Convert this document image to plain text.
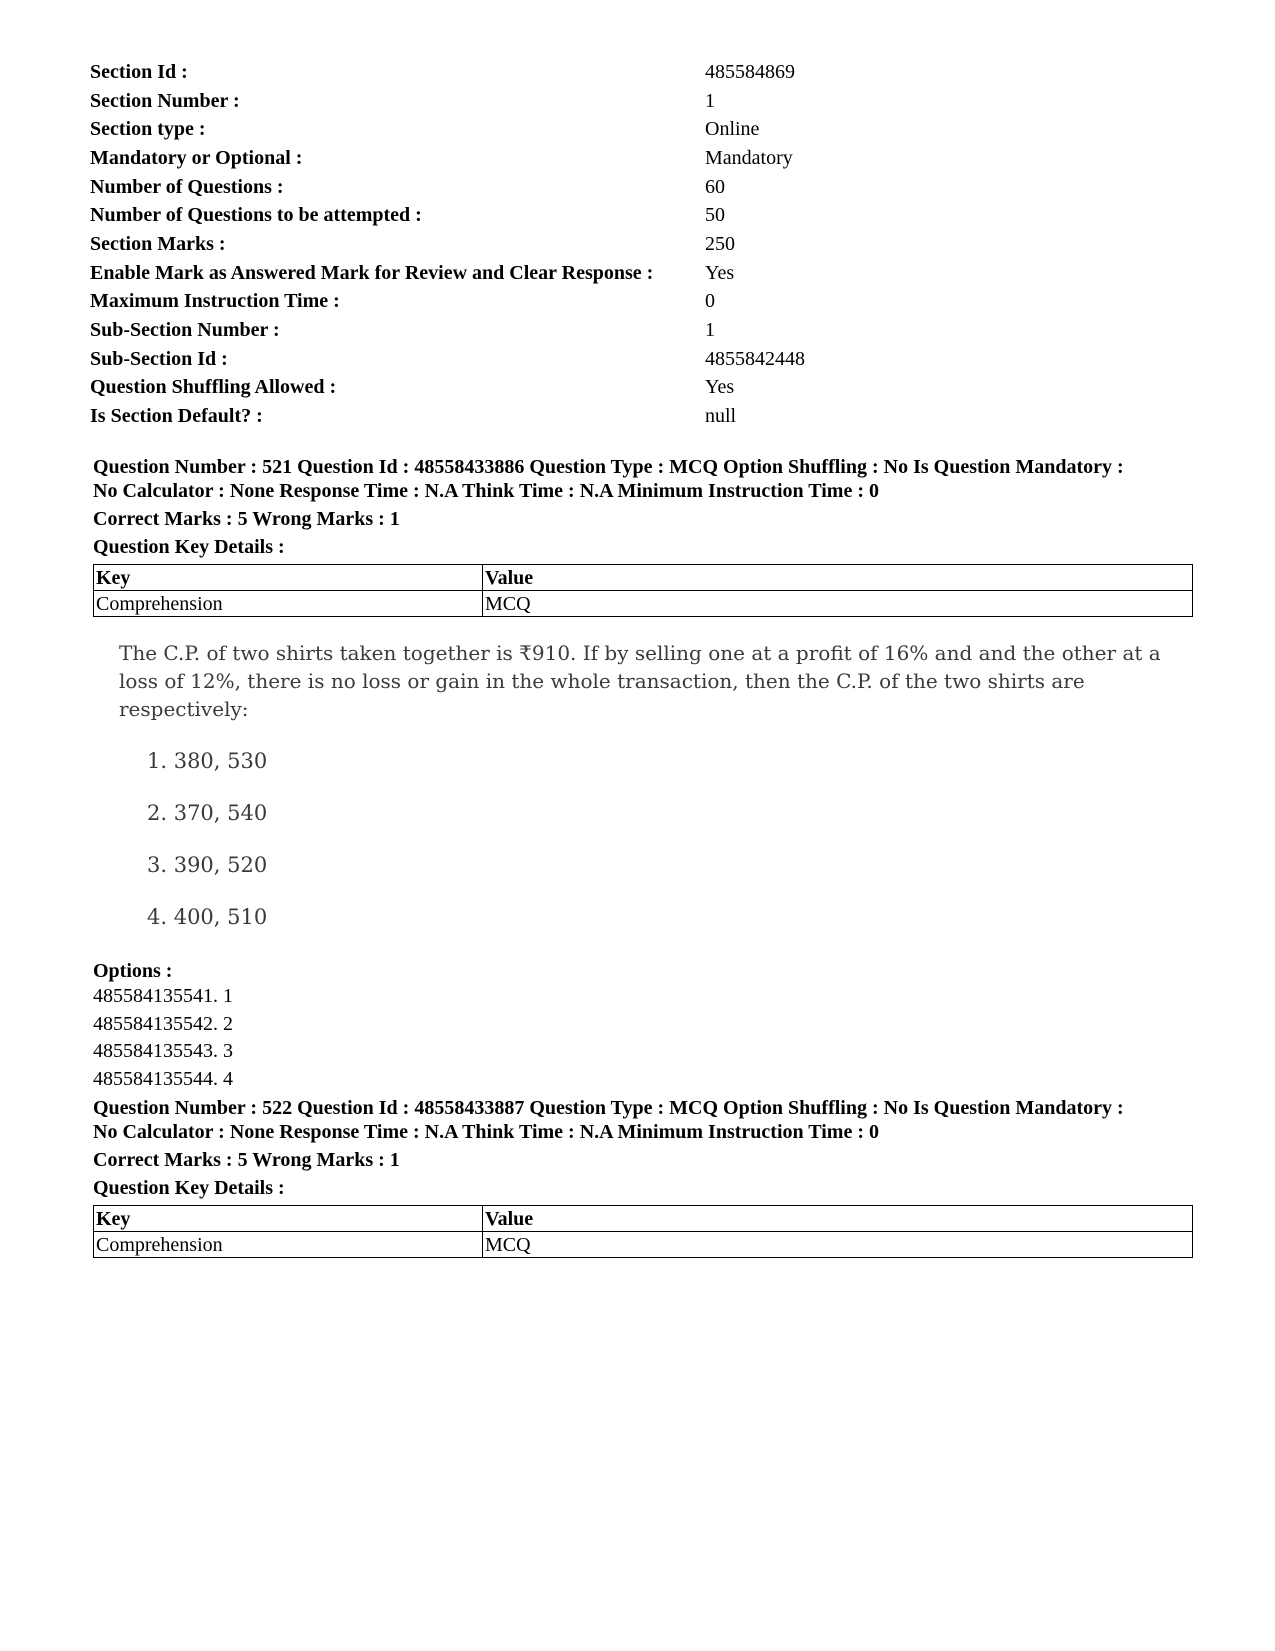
Section Id :	485584869
Section Number :	1
Section type :	Online
Mandatory or Optional :	Mandatory
Number of Questions :	60
Number of Questions to be attempted :	50
Section Marks :	250
Enable Mark as Answered Mark for Review and Clear Response :	Yes
Maximum Instruction Time :	0
Sub-Section Number :	1
Sub-Section Id :	4855842448
Question Shuffling Allowed :	Yes
Is Section Default? :	null
Question Number : 521 Question Id : 48558433886 Question Type : MCQ Option Shuffling : No Is Question Mandatory :
No Calculator : None Response Time : N.A Think Time : N.A Minimum Instruction Time : 0
Correct Marks : 5 Wrong Marks : 1
Question Key Details :
Key	Value
Comprehension	MCQ
The C.P. of two shirts taken together is ₹910. If by selling one at a profit of 16% and and the other at a loss of 12%, there is no loss or gain in the whole transaction, then the C.P. of the two shirts are respectively:
1. 380, 530
2. 370, 540
3. 390, 520
4. 400, 510
Options :
485584135541. 1
485584135542. 2
485584135543. 3
485584135544. 4
Question Number : 522 Question Id : 48558433887 Question Type : MCQ Option Shuffling : No Is Question Mandatory :
No Calculator : None Response Time : N.A Think Time : N.A Minimum Instruction Time : 0
Correct Marks : 5 Wrong Marks : 1
Question Key Details :
Key	Value
Comprehension	MCQ
